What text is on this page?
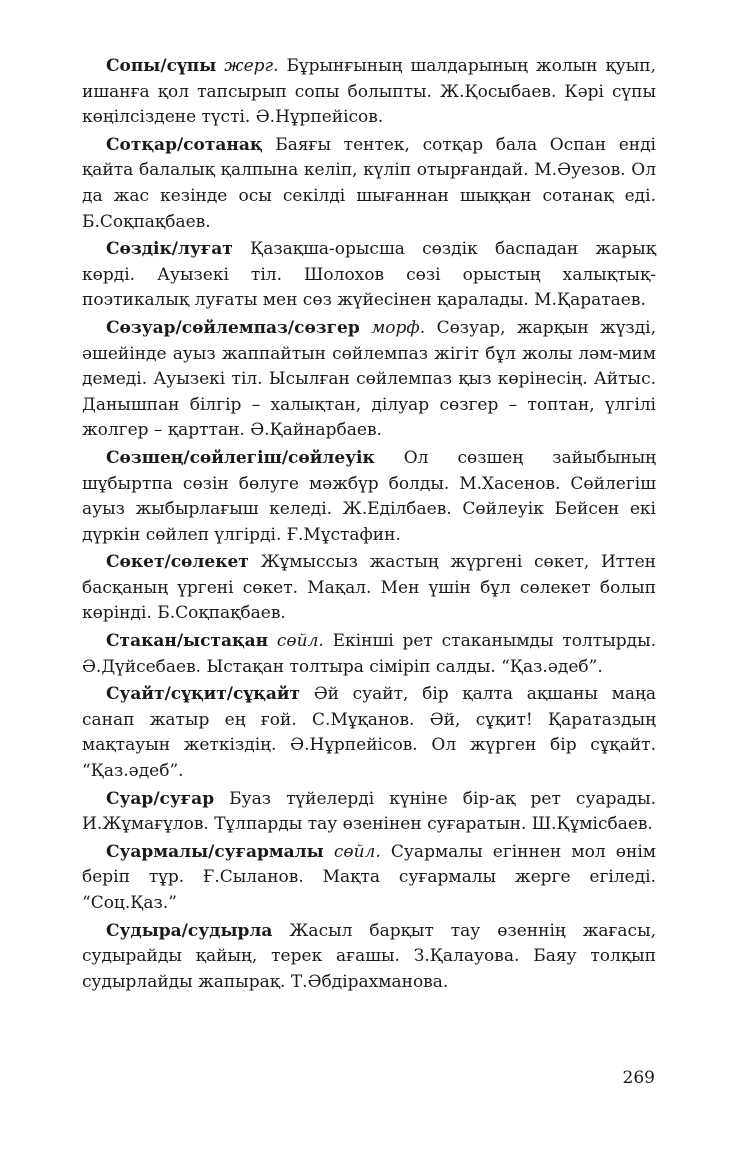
Сопы/сүпы жерг. Бұрынғының шалдарының жолын қуып, ишанға қол тапсырып сопы болыпты. Ж.Қосыбаев. Кәрі сүпы көңілсіздене түсті. Ә.Нұрпейісов.

Сотқар/сотанақ Баяғы тентек, сотқар бала Оспан енді қайта балалық қалпына келіп, күліп отырғандай. М.Әуезов. Ол да жас кезінде осы секілді шығаннан шыққан сотанақ еді. Б.Соқпақбаев.

Сөздік/луғат Қазақша-орысша сөздік баспадан жарық көрді. Ауызекі тіл. Шолохов сөзі орыстың халықтық-поэтикалық луғаты мен сөз жүйесінен қаралады. М.Қаратаев.

Сөзуар/сөйлемпаз/сөзгер морф. Сөзуар, жарқын жүзді, әшейінде ауыз жаппайтын сөйлемпаз жігіт бұл жолы ләм-мим демеді. Ауызекі тіл. Ысылған сөйлемпаз қыз көрінесің. Айтыс. Данышпан білгір – халықтан, ділуар сөзгер – топтан, үлгілі жолгер – қарттан. Ә.Қайнарбаев.

Сөзшең/сөйлегіш/сөйлеуік Ол сөзшең зайыбының шұбыртпа сөзін бөлуге мәжбүр болды. М.Хасенов. Сөйлегіш ауыз жыбырлағыш келеді. Ж.Еділбаев. Сөйлеуік Бейсен екі дүркін сөйлеп үлгірді. Ғ.Мұстафин.

Сөкет/сөлекет Жұмыссыз жастың жүргені сөкет, Иттен басқаның үргені сөкет. Мақал. Мен үшін бұл сөлекет болып көрінді. Б.Соқпақбаев.

Стакан/ыстақан сөйл. Екінші рет стаканымды толтырды. Ә.Дүйсебаев. Ыстақан толтыра сіміріп салды. “Қаз.әдеб”.

Суайт/сұқит/сұқайт Әй суайт, бір қалта ақшаны маңа санап жатыр ең ғой. С.Мұқанов. Әй, сұқит! Қаратаздың мақтауын жеткіздің. Ә.Нұрпейісов. Ол жүрген бір сұқайт. “Қаз.әдеб”.

Суар/суғар Буаз түйелерді күніне бір-ақ рет суарады. И.Жұмағұлов. Тұлпарды тау өзенінен суғаратын. Ш.Құмісбаев.

Суармалы/суғармалы сөйл. Суармалы егіннен мол өнім беріп тұр. Ғ.Сыланов. Мақта суғармалы жерге егіледі. “Соц.Қаз.”

Судыра/судырла Жасыл барқыт тау өзеннің жағасы, судырайды қайың, терек ағашы. З.Қалауова. Баяу толқып судырлайды жапырақ. Т.Әбдірахманова.

269
